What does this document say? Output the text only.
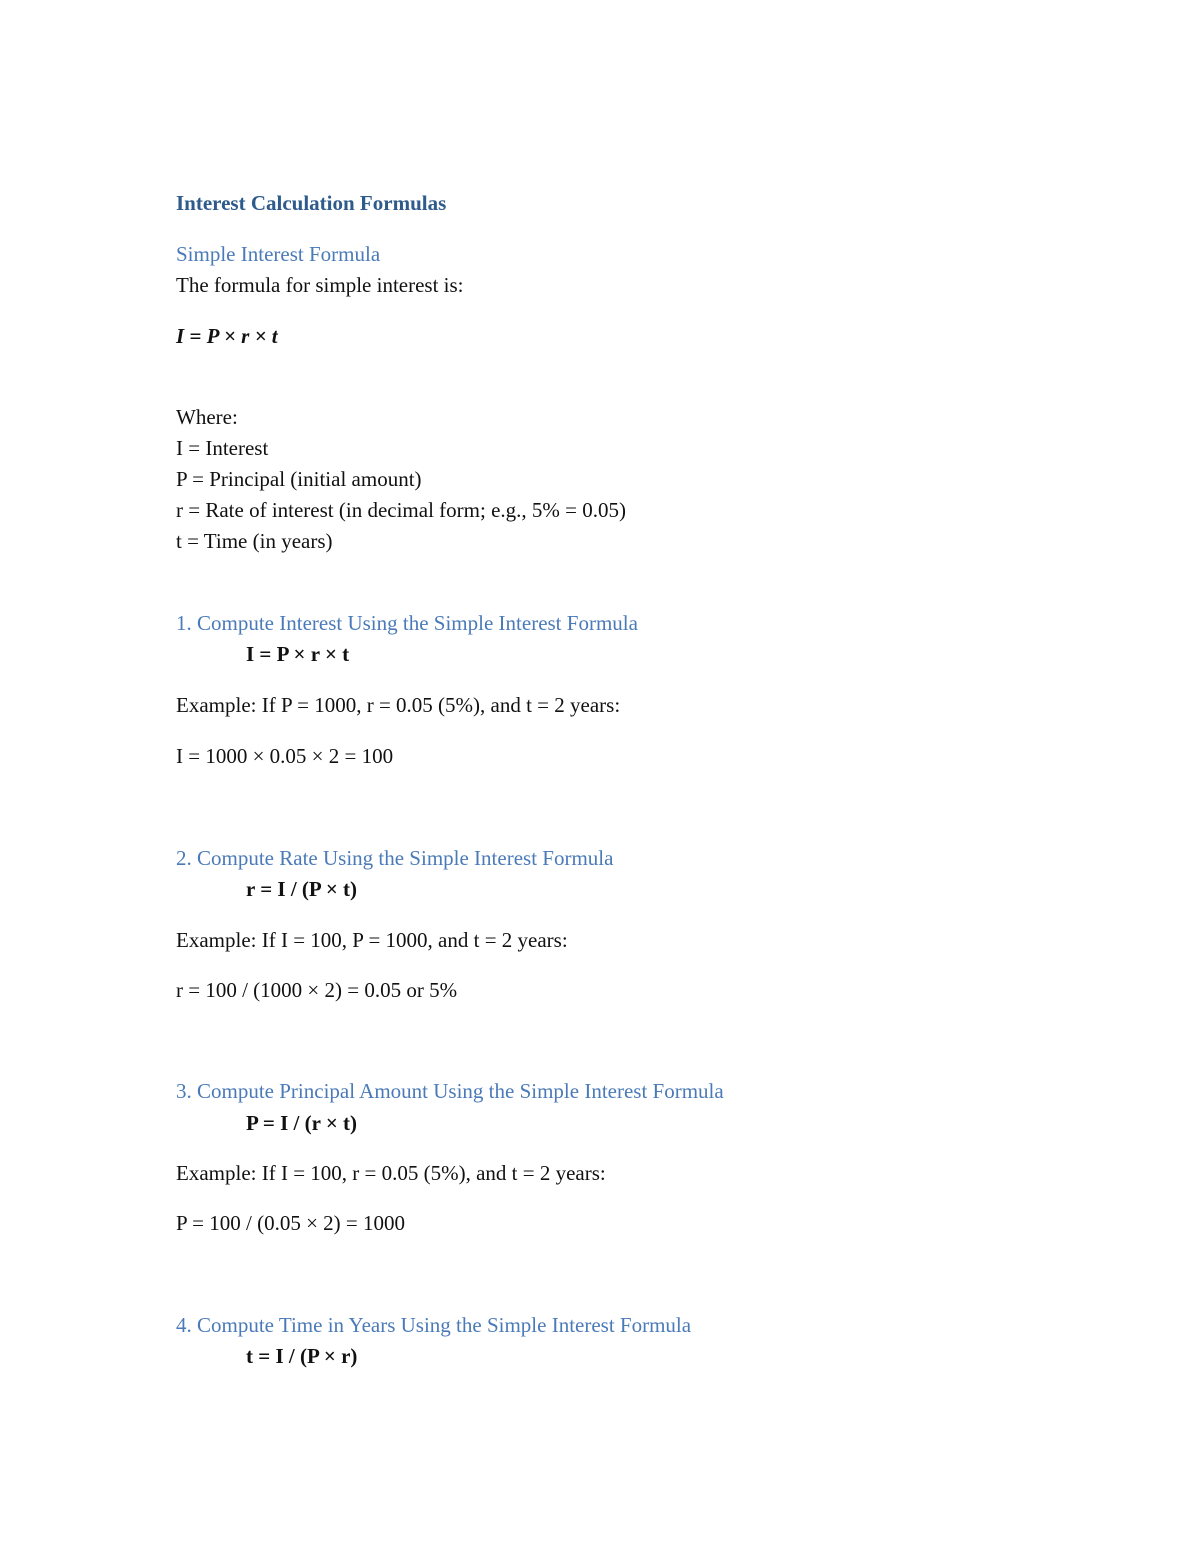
Interest Calculation Formulas
Simple Interest Formula
The formula for simple interest is:
I = P × r × t
Where:
I = Interest
P = Principal (initial amount)
r = Rate of interest (in decimal form; e.g., 5% = 0.05)
t = Time (in years)
1. Compute Interest Using the Simple Interest Formula
I = P × r × t
Example: If P = 1000, r = 0.05 (5%), and t = 2 years:
I = 1000 × 0.05 × 2 = 100
2. Compute Rate Using the Simple Interest Formula
r = I / (P × t)
Example: If I = 100, P = 1000, and t = 2 years:
r = 100 / (1000 × 2) = 0.05 or 5%
3. Compute Principal Amount Using the Simple Interest Formula
P = I / (r × t)
Example: If I = 100, r = 0.05 (5%), and t = 2 years:
P = 100 / (0.05 × 2) = 1000
4. Compute Time in Years Using the Simple Interest Formula
t = I / (P × r)
